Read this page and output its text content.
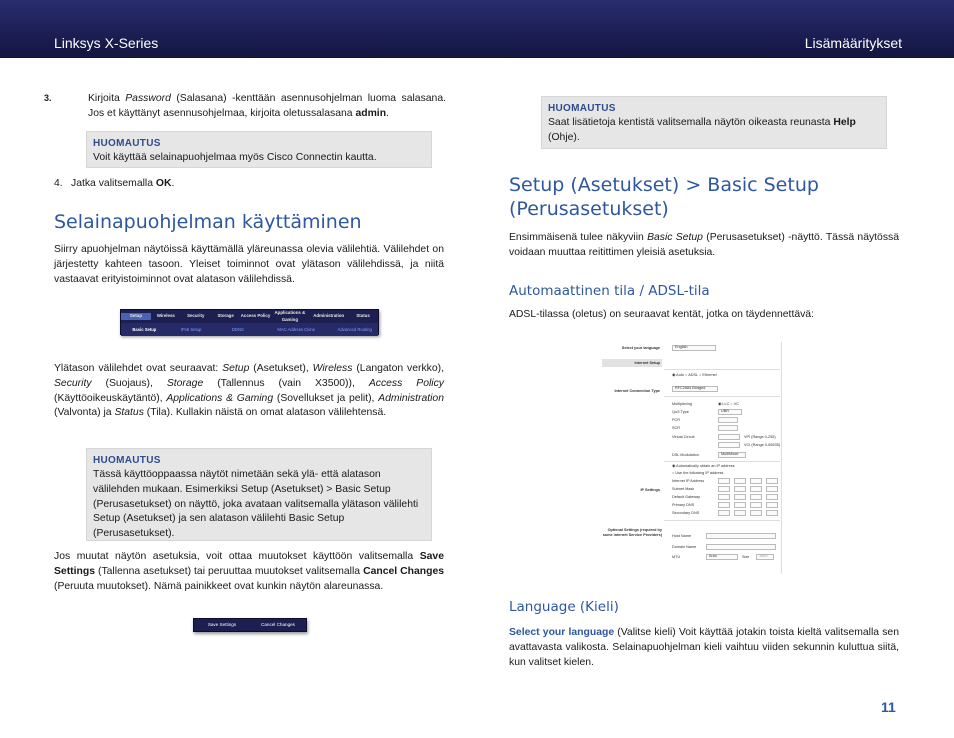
Linksys X-Series	Lisämääritykset

3.	Kirjoita Password (Salasana) -kenttään asennusohjelman luoma salasana. Jos et käyttänyt asennusohjelmaa, kirjoita oletussalasana admin.

HUOMAUTUS
Voit käyttää selainapuohjelmaa myös Cisco Connectin kautta.

4. Jatka valitsemalla OK.

Selainapuohjelman käyttäminen

Siirry apuohjelman näytöissä käyttämällä yläreunassa olevia välilehtiä. Välilehdet on järjestetty kahteen tasoon. Yleiset toiminnot ovat ylätason välilehdissä, ja niitä vastaavat erityistoiminnot ovat alatason välilehdissä.

Setup	Wireless	Security	Storage	Access Policy
Applications & Gaming
Administration	Status
Basic Setup	IPv6 Setup	DDNS	MAC Address Clone	Advanced Routing

Ylätason välilehdet ovat seuraavat: Setup (Asetukset), Wireless (Langaton verkko), Security (Suojaus), Storage (Tallennus (vain X3500)), Access Policy (Käyttöoikeuskäytäntö), Applications & Gaming (Sovellukset ja pelit), Administration (Valvonta) ja Status (Tila). Kullakin näistä on omat alatason välilehtensä.

HUOMAUTUS
Tässä käyttöoppaassa näytöt nimetään sekä ylä- että alatason välilehden mukaan. Esimerkiksi Setup (Asetukset) > Basic Setup (Perusasetukset) on näyttö, joka avataan valitsemalla ylätason välilehti Setup (Asetukset) ja sen alatason välilehti Basic Setup (Perusasetukset).

Jos muutat näytön asetuksia, voit ottaa muutokset käyttöön valitsemalla Save Settings (Tallenna asetukset) tai peruuttaa muutokset valitsemalla Cancel Changes (Peruuta muutokset). Nämä painikkeet ovat kunkin näytön alareunassa.

Save Settings	Cancel Changes
HUOMAUTUS
Saat lisätietoja kentistä valitsemalla näytön oikeasta reunasta Help (Ohje).
Setup (Asetukset) > Basic Setup (Perusasetukset)

Ensimmäisenä tulee näkyviin Basic Setup (Perusasetukset) -näyttö. Tässä näytössä voidaan muuttaa reitittimen yleisiä asetuksia.

Automaattinen tila / ADSL-tila

ADSL-tilassa (oletus) on seuraavat kentät, jotka on täydennettävä:

Select your language	English
Internet Setup
Internet Connection Type
◉ Auto ○ ADSL ○ Ethernet
RFC2684 Bridged
Multiplexing	◉ LLC ○ VC
QoS Type	UBR
PCR
SCR
Virtual Circuit	VPI (Range 0-255)
VCI (Range 0-65535)
DSL Modulation	MultiMode
◉ Automatically obtain an IP address
○ Use the following IP address
IP Settings
Internet IP Address
Subnet Mask
Default Gateway
Primary DNS
Secondary DNS
Optional Settings (required by some internet Service Providers)	Host Name
Domain Name
MTU	Auto	Size	1500
Language (Kieli)

Select your language (Valitse kieli) Voit käyttää jotakin toista kieltä valitsemalla sen avattavasta valikosta. Selainapuohjelman kieli vaihtuu viiden sekunnin kuluttua siitä, kun valitset kielen.

11
